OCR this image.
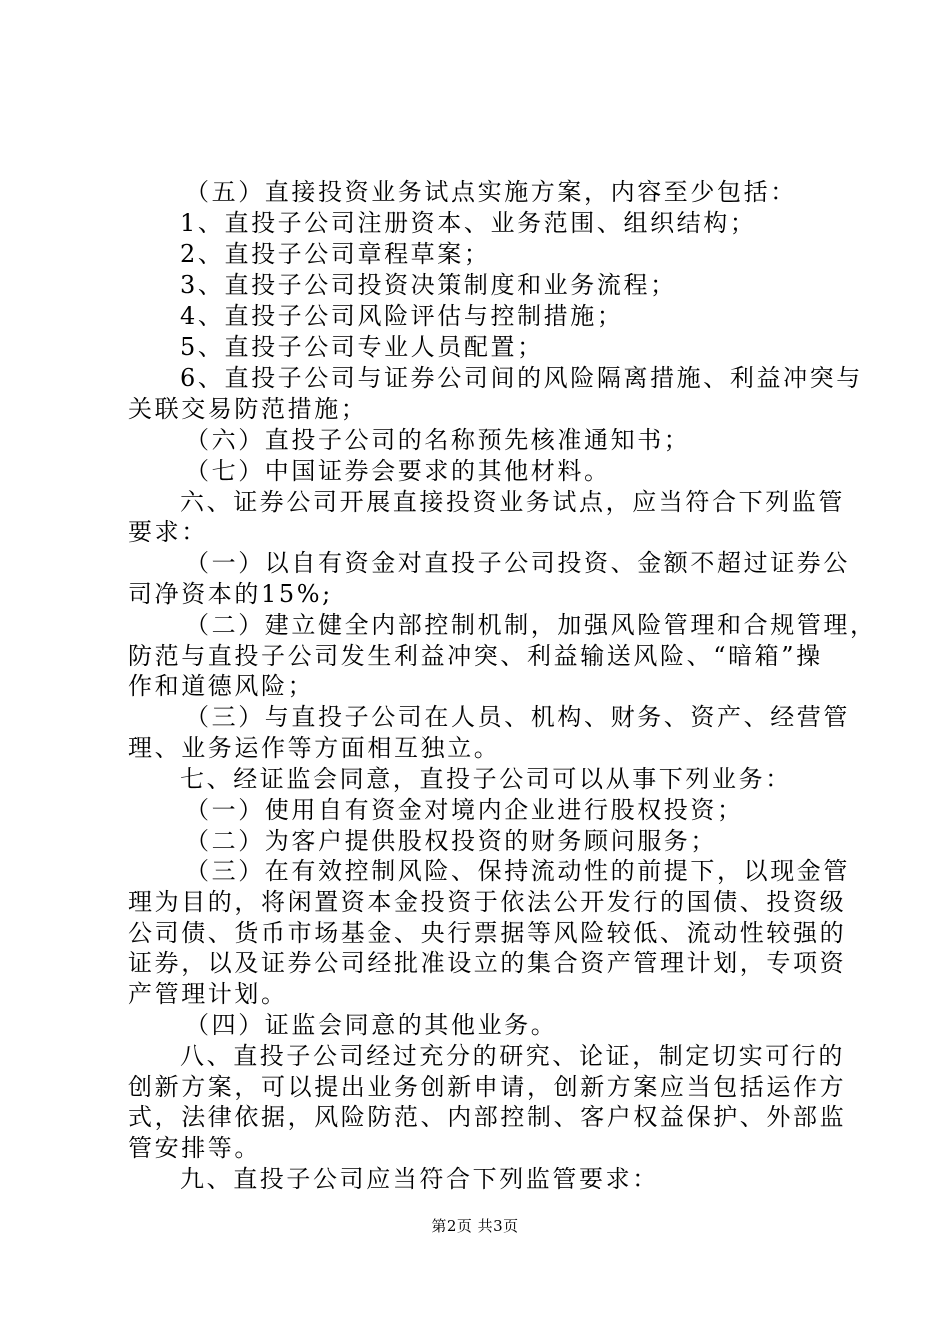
（五）直接投资业务试点实施方案，内容至少包括：

1、直投子公司注册资本、业务范围、组织结构；

2、直投子公司章程草案；

3、直投子公司投资决策制度和业务流程；

4、直投子公司风险评估与控制措施；

5、直投子公司专业人员配置；

6、直投子公司与证券公司间的风险隔离措施、利益冲突与

关联交易防范措施；

（六）直投子公司的名称预先核准通知书；

（七）中国证券会要求的其他材料。

六、证券公司开展直接投资业务试点，应当符合下列监管

要求：

（一）以自有资金对直投子公司投资、金额不超过证券公

司净资本的15%;

（二）建立健全内部控制机制，加强风险管理和合规管理，

防范与直投子公司发生利益冲突、利益输送风险、“暗箱”操

作和道德风险；

（三）与直投子公司在人员、机构、财务、资产、经营管

理、业务运作等方面相互独立。

七、经证监会同意，直投子公司可以从事下列业务：

（一）使用自有资金对境内企业进行股权投资；

（二）为客户提供股权投资的财务顾问服务；

（三）在有效控制风险、保持流动性的前提下，以现金管

理为目的，将闲置资本金投资于依法公开发行的国债、投资级

公司债、货币市场基金、央行票据等风险较低、流动性较强的

证券，以及证券公司经批准设立的集合资产管理计划，专项资

产管理计划。

（四）证监会同意的其他业务。

八、直投子公司经过充分的研究、论证，制定切实可行的

创新方案，可以提出业务创新申请，创新方案应当包括运作方

式，法律依据，风险防范、内部控制、客户权益保护、外部监

管安排等。

九、直投子公司应当符合下列监管要求：

第2页 共3页
